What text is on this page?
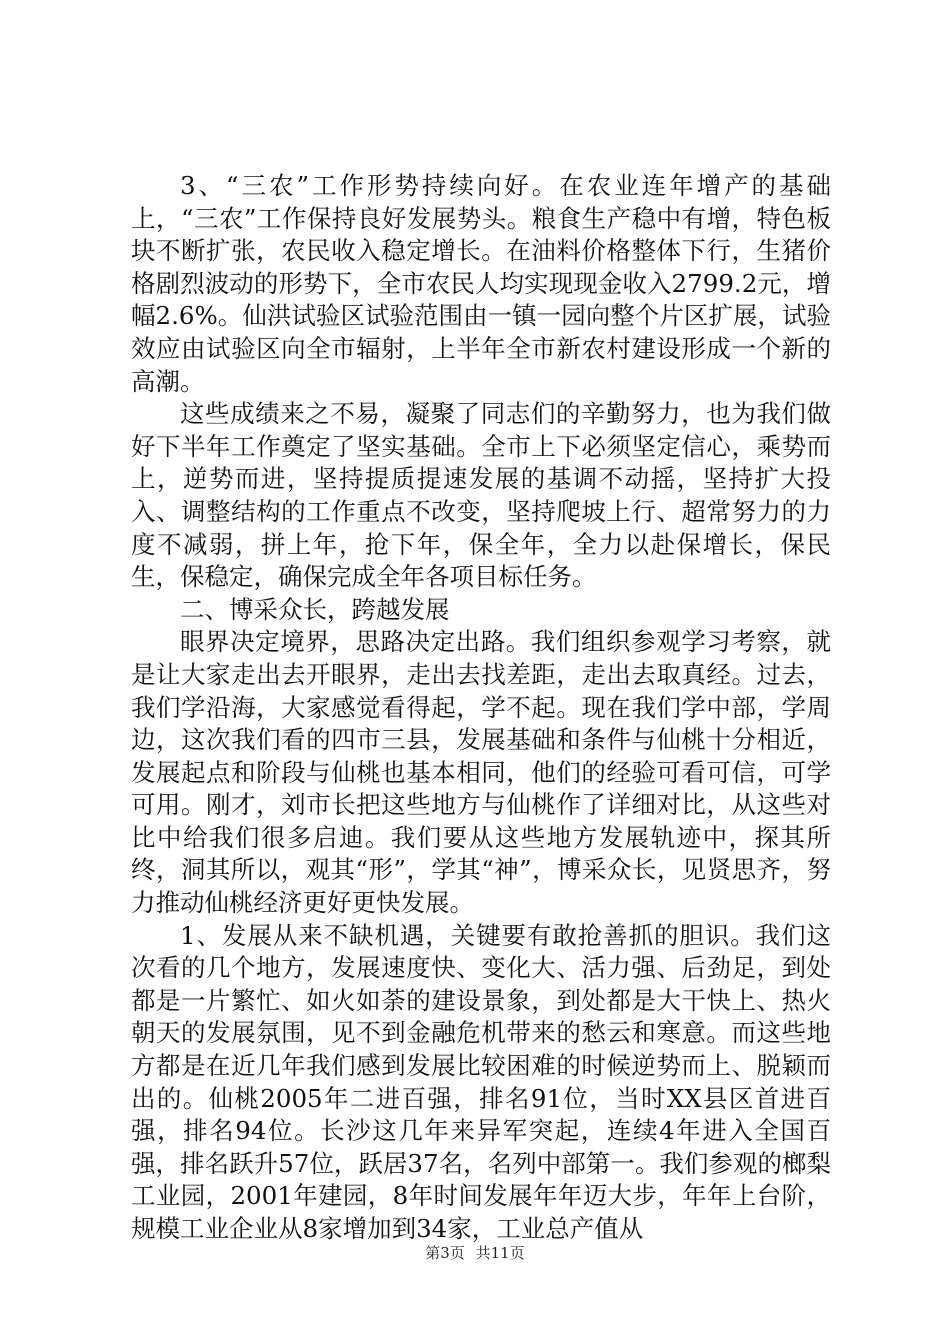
3、“三农”工作形势持续向好。在农业连年增产的基础上，“三农”工作保持良好发展势头。粮食生产稳中有增，特色板块不断扩张，农民收入稳定增长。在油料价格整体下行，生猪价格剧烈波动的形势下，全市农民人均实现现金收入2799.2元，增幅2.6%。仙洪试验区试验范围由一镇一园向整个片区扩展，试验效应由试验区向全市辐射，上半年全市新农村建设形成一个新的高潮。

这些成绩来之不易，凝聚了同志们的辛勤努力，也为我们做好下半年工作奠定了坚实基础。全市上下必须坚定信心，乘势而上，逆势而进，坚持提质提速发展的基调不动摇，坚持扩大投入、调整结构的工作重点不改变，坚持爬坡上行、超常努力的力度不减弱，拼上年，抢下年，保全年，全力以赴保增长，保民生，保稳定，确保完成全年各项目标任务。

二、博采众长，跨越发展

眼界决定境界，思路决定出路。我们组织参观学习考察，就是让大家走出去开眼界，走出去找差距，走出去取真经。过去，我们学沿海，大家感觉看得起，学不起。现在我们学中部，学周边，这次我们看的四市三县，发展基础和条件与仙桃十分相近，发展起点和阶段与仙桃也基本相同，他们的经验可看可信，可学可用。刚才，刘市长把这些地方与仙桃作了详细对比，从这些对比中给我们很多启迪。我们要从这些地方发展轨迹中，探其所终，洞其所以，观其“形”，学其“神”，博采众长，见贤思齐，努力推动仙桃经济更好更快发展。

1、发展从来不缺机遇，关键要有敢抢善抓的胆识。我们这次看的几个地方，发展速度快、变化大、活力强、后劲足，到处都是一片繁忙、如火如荼的建设景象，到处都是大干快上、热火朝天的发展氛围，见不到金融危机带来的愁云和寒意。而这些地方都是在近几年我们感到发展比较困难的时候逆势而上、脱颖而出的。仙桃2005年二进百强，排名91位，当时XX县区首进百强，排名94位。长沙这几年来异军突起，连续4年进入全国百强，排名跃升57位，跃居37名，名列中部第一。我们参观的榔梨工业园，2001年建园，8年时间发展年年迈大步，年年上台阶，规模工业企业从8家增加到34家，工业总产值从

第3页 共11页
